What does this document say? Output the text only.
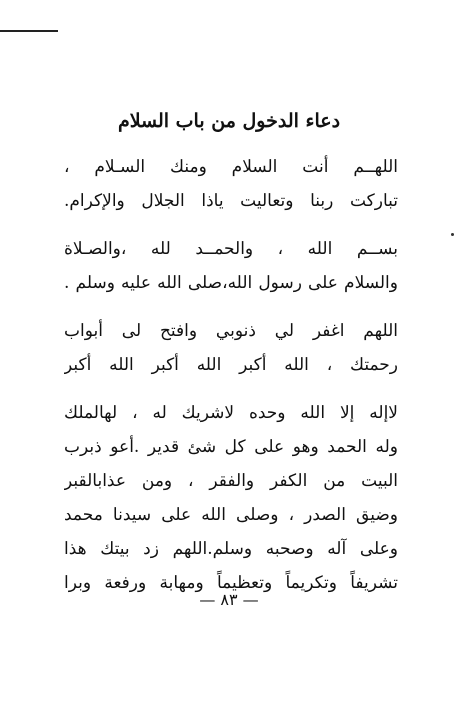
دعاء الدخول من باب السلام
اللهــم أنت السلام ومنك السـلام ،
تباركت ربنا وتعاليت ياذا الجلال والإكرام.
بســم الله ، والحمــد لله ،والصـلاة
والسلام على رسول الله،صلى الله عليه وسلم .
اللهم اغفر لي ذنوبي وافتح لى أبواب
رحمتك ، الله أكبر الله أكبر الله أكبر
لاإله إلا الله وحده لاشريك له ، لهالملك
وله الحمد وهو على كل شئ قدير .أعو ذبرب
البيت من الكفر والفقر ، ومن عذابالقبر
وضيق الصدر ، وصلى الله على سيدنا محمد
وعلى آله وصحبه وسلم.اللهم زد بيتك هذا
تشريفاً وتكريماً وتعظيماً ومهابة ورفعة وبرا
— ٨٣ —
